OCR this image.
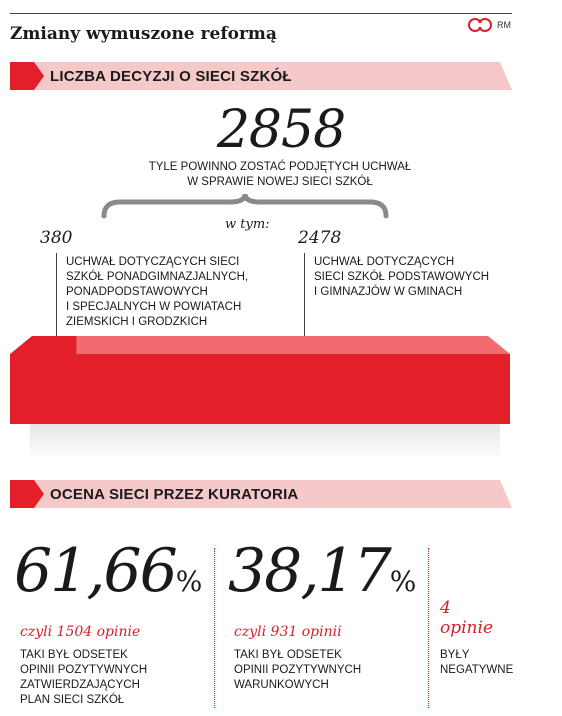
Zmiany wymuszone reformą	RM
LICZBA DECYZJI O SIECI SZKÓŁ
2858
TYLE POWINNO ZOSTAĆ PODJĘTYCH UCHWAŁ
W SPRAWIE NOWEJ SIECI SZKÓŁ
w tym:
380
UCHWAŁ DOTYCZĄCYCH SIECI
SZKÓŁ PONADGIMNAZJALNYCH,
PONADPODSTAWOWYCH
I SPECJALNYCH W POWIATACH
ZIEMSKICH I GRODZKICH
2478
UCHWAŁ DOTYCZĄCYCH
SIECI SZKÓŁ PODSTAWOWYCH
I GIMNAZJÓW W GMINACH
OCENA SIECI PRZEZ KURATORIA
61,66%
czyli 1504 opinie
TAKI BYŁ ODSETEK
OPINII POZYTYWNYCH
ZATWIERDZAJĄCYCH
PLAN SIECI SZKÓŁ
38,17%
czyli 931 opinii
TAKI BYŁ ODSETEK
OPINII POZYTYWNYCH
WARUNKOWYCH
4
opinie
BYŁY
NEGATYWNE
